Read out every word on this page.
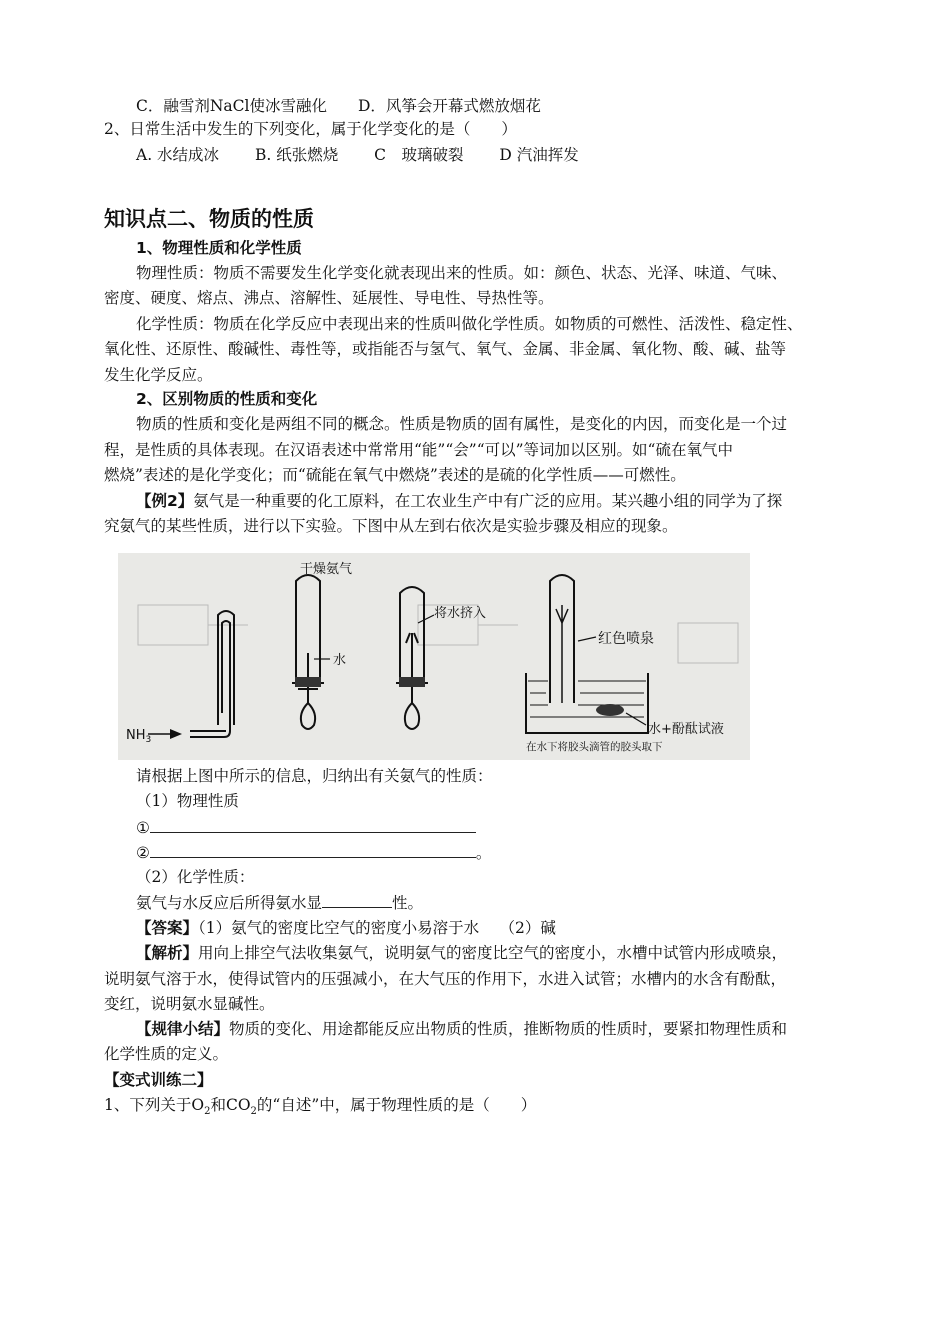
C．融雪剂NaCl使冰雪融化　　D．风筝会开幕式燃放烟花
2、日常生活中发生的下列变化，属于化学变化的是（　　）
A. 水结成冰　　 B. 纸张燃烧　　 C　玻璃破裂　　 D 汽油挥发
知识点二、物质的性质
1、物理性质和化学性质
物理性质：物质不需要发生化学变化就表现出来的性质。如：颜色、状态、光泽、味道、气味、
密度、硬度、熔点、沸点、溶解性、延展性、导电性、导热性等。
化学性质：物质在化学反应中表现出来的性质叫做化学性质。如物质的可燃性、活泼性、稳定性、
氧化性、还原性、酸碱性、毒性等，或指能否与氢气、氧气、金属、非金属、氧化物、酸、碱、盐等
发生化学反应。
2、区别物质的性质和变化
物质的性质和变化是两组不同的概念。性质是物质的固有属性，是变化的内因，而变化是一个过
程，是性质的具体表现。在汉语表述中常常用“能”“会”“可以”等词加以区别。如“硫在氧气中
燃烧”表述的是化学变化；而“硫能在氧气中燃烧”表述的是硫的化学性质——可燃性。
【例2】氨气是一种重要的化工原料，在工农业生产中有广泛的应用。某兴趣小组的同学为了探
究氨气的某些性质，进行以下实验。下图中从左到右依次是实验步骤及相应的现象。
$NH_3$
干燥氨气
水
将水挤入
红色喷泉
水+酚酞试液
在水下将胶头滴管的胶头取下
请根据上图中所示的信息，归纳出有关氨气的性质：
（1）物理性质
①
②	。
（2）化学性质：
氨气与水反应后所得氨水显	性。
【答案】（1）氨气的密度比空气的密度小易溶于水　 （2）碱
【解析】用向上排空气法收集氨气，说明氨气的密度比空气的密度小，水槽中试管内形成喷泉，
说明氨气溶于水，使得试管内的压强减小，在大气压的作用下，水进入试管；水槽内的水含有酚酞，
变红，说明氨水显碱性。
【规律小结】物质的变化、用途都能反应出物质的性质，推断物质的性质时，要紧扣物理性质和
化学性质的定义。
【变式训练二】
1、下列关于$O_2$和$CO_2$的“自述”中，属于物理性质的是（　　）
